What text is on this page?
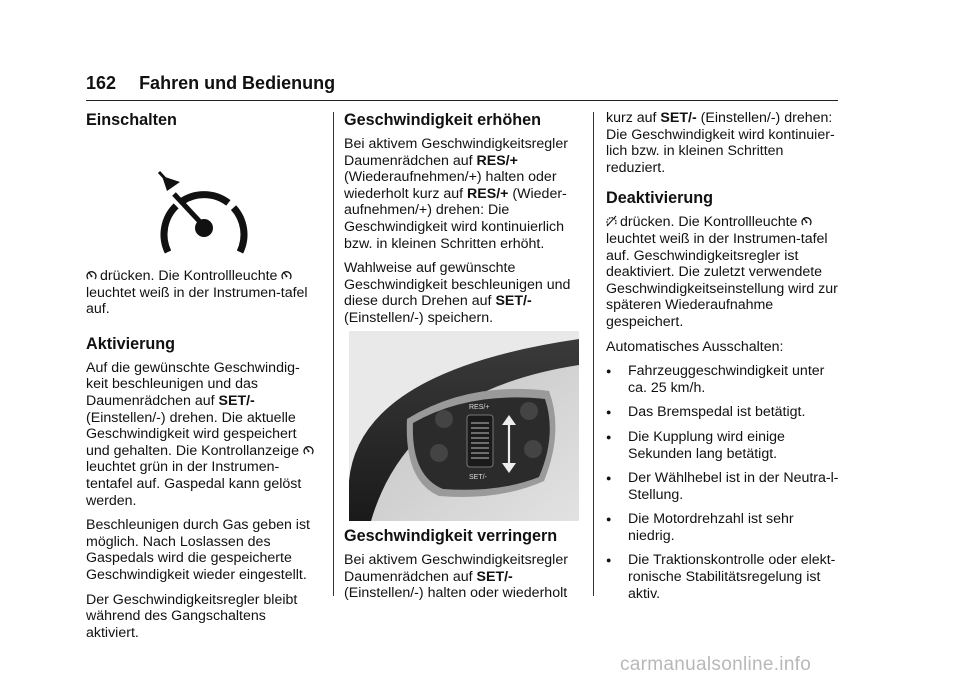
162 Fahren und Bedienung
Einschalten

drücken. Die Kontrollleuchte
leuchtet weiß in der Instrumen-tafel auf.

Aktivierung

Auf die gewünschte Geschwindig-keit beschleunigen und das Daumenrädchen auf SET/- (Einstellen/-) drehen. Die aktuelle Geschwindigkeit wird gespeichert und gehalten. Die Kontrollanzeige
leuchtet grün in der Instrumen-tentafel auf. Gaspedal kann gelöst werden.

Beschleunigen durch Gas geben ist möglich. Nach Loslassen des Gaspedals wird die gespeicherte Geschwindigkeit wieder eingestellt.

Der Geschwindigkeitsregler bleibt während des Gangschaltens aktiviert.

Geschwindigkeit erhöhen

Bei aktivem Geschwindigkeitsregler Daumenrädchen auf RES/+ (Wiederaufnehmen/+) halten oder wiederholt kurz auf RES/+ (Wieder-aufnehmen/+) drehen: Die Geschwindigkeit wird kontinuierlich bzw. in kleinen Schritten erhöht.

Wahlweise auf gewünschte Geschwindigkeit beschleunigen und diese durch Drehen auf SET/- (Einstellen/-) speichern.

RES/+
SET/-
Geschwindigkeit verringern

Bei aktivem Geschwindigkeitsregler Daumenrädchen auf SET/- (Einstellen/-) halten oder wiederholt

kurz auf SET/- (Einstellen/-) drehen: Die Geschwindigkeit wird kontinuier-lich bzw. in kleinen Schritten reduziert.

Deaktivierung

drücken. Die Kontrollleuchte
leuchtet weiß in der Instrumen-tafel auf. Geschwindigkeitsregler ist deaktiviert. Die zuletzt verwendete Geschwindigkeitseinstellung wird zur späteren Wiederaufnahme gespeichert.

Automatisches Ausschalten:

●	Fahrzeuggeschwindigkeit unter ca. 25 km/h.
●	Das Bremspedal ist betätigt.
●	Die Kupplung wird einige Sekunden lang betätigt.
●	Der Wählhebel ist in der Neutra-l-Stellung.
●	Die Motordrehzahl ist sehr niedrig.
●	Die Traktionskontrolle oder elekt-ronische Stabilitätsregelung ist aktiv.
carmanualsonline.info
